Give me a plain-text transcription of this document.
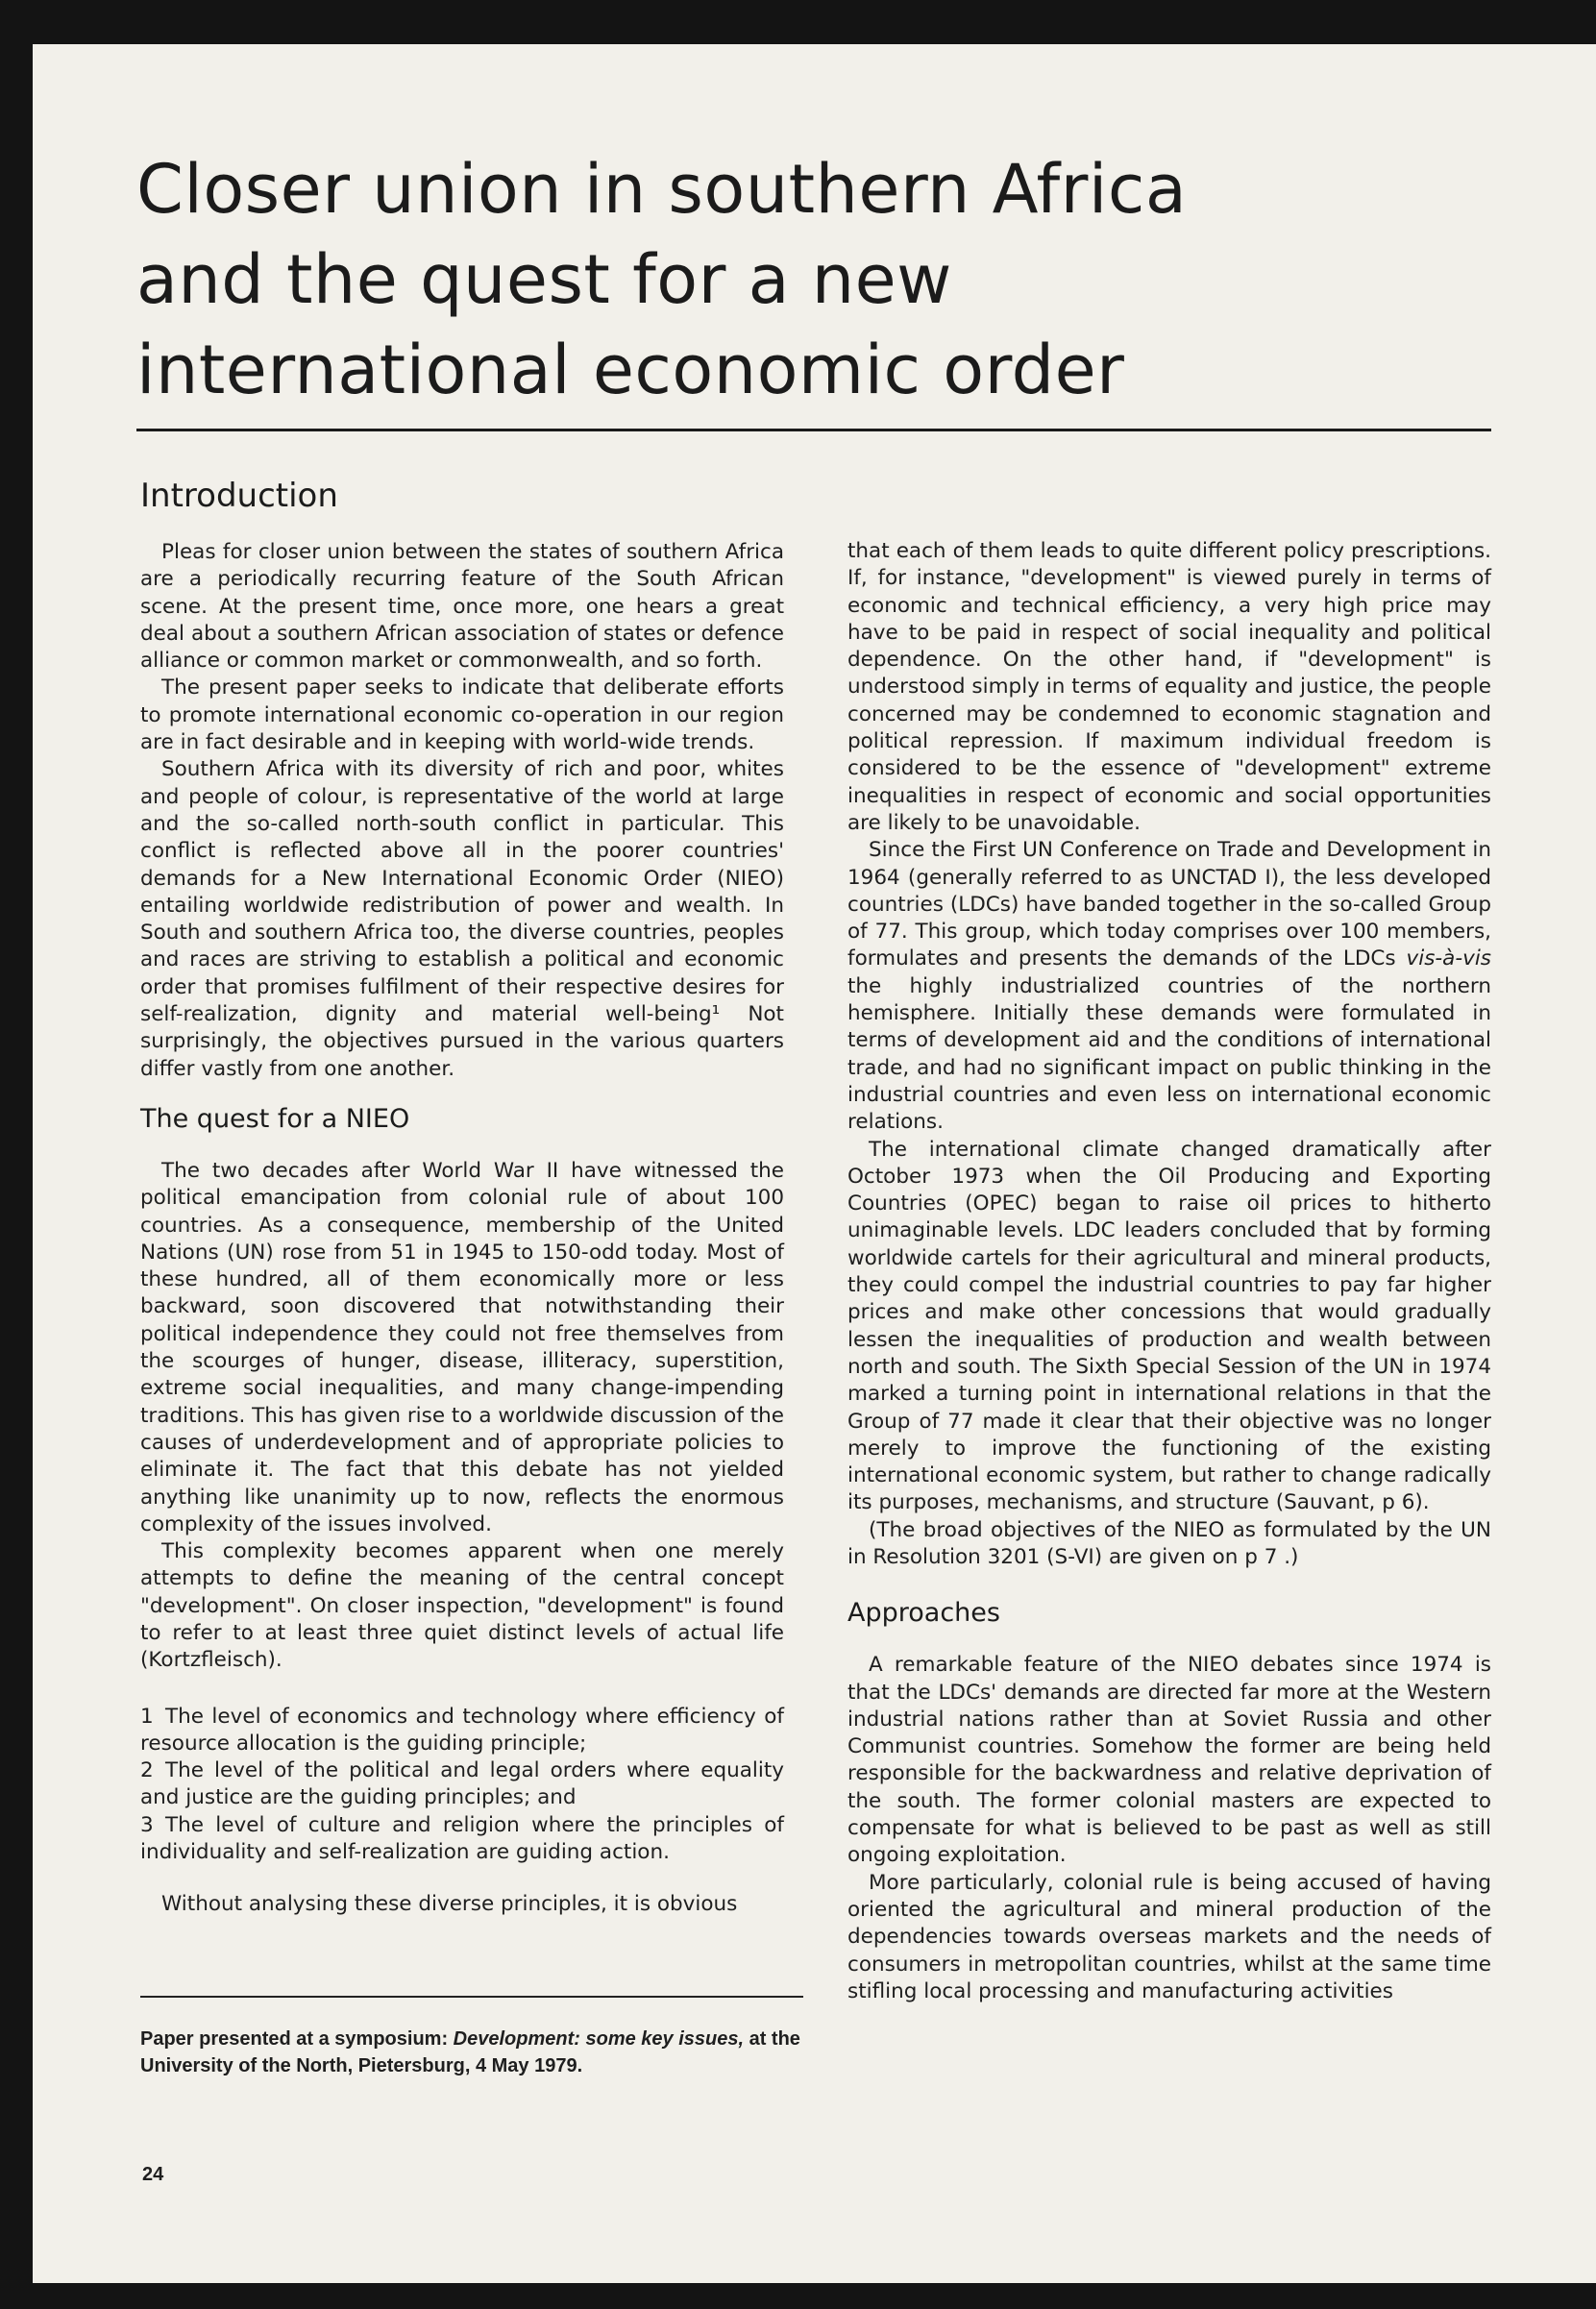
Closer union in southern Africa
and the quest for a new
international economic order
Introduction

Pleas for closer union between the states of southern Africa are a periodically recurring feature of the South African scene. At the present time, once more, one hears a great deal about a southern African association of states or defence alliance or common market or commonwealth, and so forth.

The present paper seeks to indicate that deliberate efforts to promote international economic co-operation in our region are in fact desirable and in keeping with world-wide trends.

Southern Africa with its diversity of rich and poor, whites and people of colour, is representative of the world at large and the so-called north-south conflict in particular. This conflict is reflected above all in the poorer countries' demands for a New International Economic Order (NIEO) entailing worldwide redistribution of power and wealth. In South and southern Africa too, the diverse countries, peoples and races are striving to establish a political and economic order that promises fulfilment of their respective desires for self-realization, dignity and material well-being¹ Not surprisingly, the objectives pursued in the various quarters differ vastly from one another.

The quest for a NIEO

The two decades after World War II have witnessed the political emancipation from colonial rule of about 100 countries. As a consequence, membership of the United Nations (UN) rose from 51 in 1945 to 150-odd today. Most of these hundred, all of them economically more or less backward, soon discovered that notwithstanding their political independence they could not free themselves from the scourges of hunger, disease, illiteracy, superstition, extreme social inequalities, and many change-impending traditions. This has given rise to a worldwide discussion of the causes of underdevelopment and of appropriate policies to eliminate it. The fact that this debate has not yielded anything like unanimity up to now, reflects the enormous complexity of the issues involved.

This complexity becomes apparent when one merely attempts to define the meaning of the central concept "development". On closer inspection, "development" is found to refer to at least three quiet distinct levels of actual life (Kortzfleisch).

1 The level of economics and technology where efficiency of resource allocation is the guiding principle;
2 The level of the political and legal orders where equality and justice are the guiding principles; and
3 The level of culture and religion where the principles of individuality and self-realization are guiding action.

Without analysing these diverse principles, it is obvious

Paper presented at a symposium: Development: some key issues, at the University of the North, Pietersburg, 4 May 1979.
24

that each of them leads to quite different policy prescriptions. If, for instance, "development" is viewed purely in terms of economic and technical efficiency, a very high price may have to be paid in respect of social inequality and political dependence. On the other hand, if "development" is understood simply in terms of equality and justice, the people concerned may be condemned to economic stagnation and political repression. If maximum individual freedom is considered to be the essence of "development" extreme inequalities in respect of economic and social opportunities are likely to be unavoidable.

Since the First UN Conference on Trade and Development in 1964 (generally referred to as UNCTAD I), the less developed countries (LDCs) have banded together in the so-called Group of 77. This group, which today comprises over 100 members, formulates and presents the demands of the LDCs vis-à-vis the highly industrialized countries of the northern hemisphere. Initially these demands were formulated in terms of development aid and the conditions of international trade, and had no significant impact on public thinking in the industrial countries and even less on international economic relations.

The international climate changed dramatically after October 1973 when the Oil Producing and Exporting Countries (OPEC) began to raise oil prices to hitherto unimaginable levels. LDC leaders concluded that by forming worldwide cartels for their agricultural and mineral products, they could compel the industrial countries to pay far higher prices and make other concessions that would gradually lessen the inequalities of production and wealth between north and south. The Sixth Special Session of the UN in 1974 marked a turning point in international relations in that the Group of 77 made it clear that their objective was no longer merely to improve the functioning of the existing international economic system, but rather to change radically its purposes, mechanisms, and structure (Sauvant, p 6).

(The broad objectives of the NIEO as formulated by the UN in Resolution 3201 (S-VI) are given on p 7 .)

Approaches

A remarkable feature of the NIEO debates since 1974 is that the LDCs' demands are directed far more at the Western industrial nations rather than at Soviet Russia and other Communist countries. Somehow the former are being held responsible for the backwardness and relative deprivation of the south. The former colonial masters are expected to compensate for what is believed to be past as well as still ongoing exploitation.

More particularly, colonial rule is being accused of having oriented the agricultural and mineral production of the dependencies towards overseas markets and the needs of consumers in metropolitan countries, whilst at the same time stifling local processing and manufacturing activities
